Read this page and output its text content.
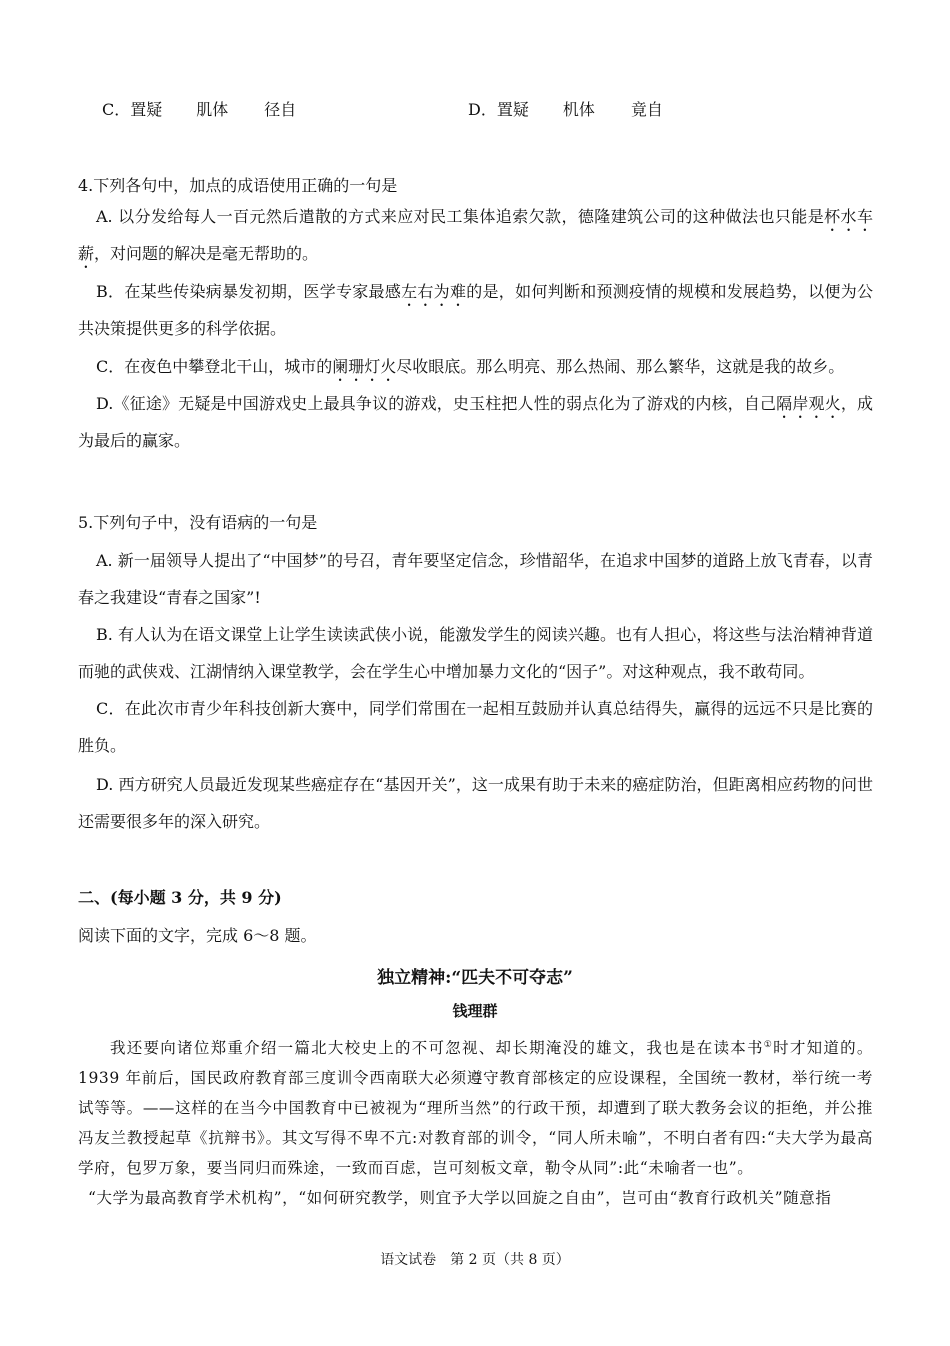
C．置疑 肌体 径自	D．置疑 机体 竟自
4.下列各句中，加点的成语使用正确的一句是
A. 以分发给每人一百元然后遣散的方式来应对民工集体追索欠款，德隆建筑公司的这种做法也只能是杯水车薪，对问题的解决是毫无帮助的。
B．在某些传染病暴发初期，医学专家最感左右为难的是，如何判断和预测疫情的规模和发展趋势，以便为公共决策提供更多的科学依据。
C．在夜色中攀登北干山，城市的阑珊灯火尽收眼底。那么明亮、那么热闹、那么繁华，这就是我的故乡。
D.《征途》无疑是中国游戏史上最具争议的游戏，史玉柱把人性的弱点化为了游戏的内核，自己隔岸观火，成为最后的赢家。
5.下列句子中，没有语病的一句是
A. 新一届领导人提出了“中国梦”的号召，青年要坚定信念，珍惜韶华，在追求中国梦的道路上放飞青春，以青春之我建设“青春之国家”!
B. 有人认为在语文课堂上让学生读读武侠小说，能激发学生的阅读兴趣。也有人担心，将这些与法治精神背道而驰的武侠戏、江湖情纳入课堂教学，会在学生心中增加暴力文化的“因子”。对这种观点，我不敢苟同。
C．在此次市青少年科技创新大赛中，同学们常围在一起相互鼓励并认真总结得失，赢得的远远不只是比赛的胜负。
D. 西方研究人员最近发现某些癌症存在“基因开关”，这一成果有助于未来的癌症防治，但距离相应药物的问世还需要很多年的深入研究。
二、(每小题 3 分，共 9 分)
阅读下面的文字，完成 6～8 题。
独立精神:“匹夫不可夺志”
钱理群
我还要向诸位郑重介绍一篇北大校史上的不可忽视、却长期淹没的雄文，我也是在读本书①时才知道的。1939 年前后，国民政府教育部三度训令西南联大必须遵守教育部核定的应设课程，全国统一教材，举行统一考试等等。——这样的在当今中国教育中已被视为“理所当然”的行政干预，却遭到了联大教务会议的拒绝，并公推冯友兰教授起草《抗辩书》。其文写得不卑不亢:对教育部的训令，“同人所未喻”，不明白者有四:“夫大学为最高学府，包罗万象，要当同归而殊途，一致而百虑，岂可刻板文章，勒令从同”:此“未喻者一也”。
“大学为最高教育学术机构”，“如何研究教学，则宜予大学以回旋之自由”，岂可由“教育行政机关”随意指
语文试卷　第 2 页（共 8 页）
